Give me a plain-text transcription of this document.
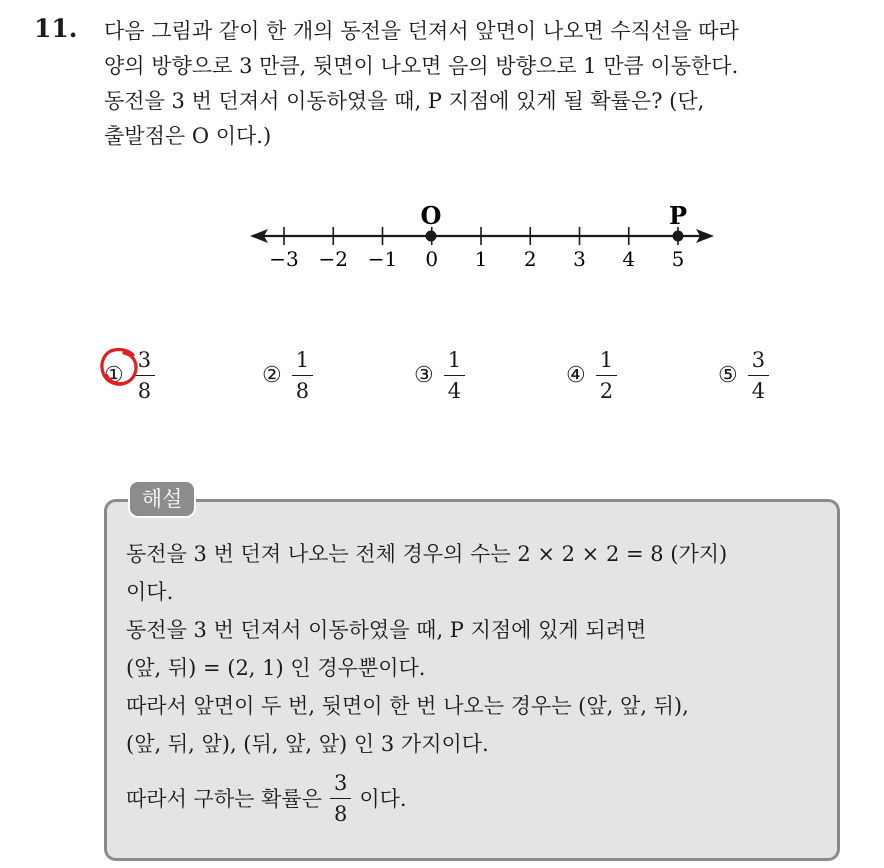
11. 다음 그림과 같이 한 개의 동전을 던져서 앞면이 나오면 수직선을 따라
양의 방향으로 3 만큼, 뒷면이 나오면 음의 방향으로 1 만큼 이동한다.
동전을 3 번 던져서 이동하였을 때, P 지점에 있게 될 확률은? (단,
출발점은 O 이다.)
−3 −2 −1 0 1 2 3 4 5
O	P
① $\frac{3}{8}$	② $\frac{1}{8}$	③ $\frac{1}{4}$	④ $\frac{1}{2}$	⑤ $\frac{3}{4}$
해설
동전을 3 번 던져 나오는 전체 경우의 수는 2 × 2 × 2 = 8 (가지)
이다.
동전을 3 번 던져서 이동하였을 때, P 지점에 있게 되려면
(앞, 뒤) = (2, 1) 인 경우뿐이다.
따라서 앞면이 두 번, 뒷면이 한 번 나오는 경우는 (앞, 앞, 뒤),
(앞, 뒤, 앞), (뒤, 앞, 앞) 인 3 가지이다.
따라서 구하는 확률은 $\frac{3}{8}$ 이다.
